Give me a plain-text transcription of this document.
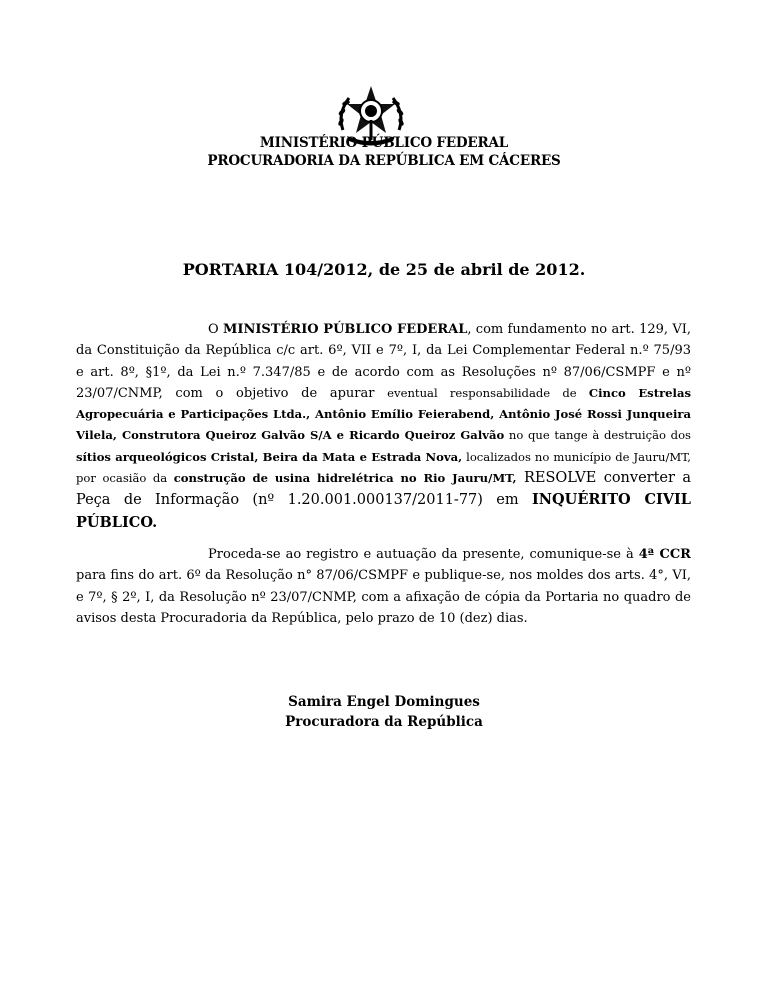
MINISTÉRIO PÚBLICO FEDERAL
PROCURADORIA DA REPÚBLICA EM CÁCERES
PORTARIA 104/2012, de 25 de abril de 2012.
O MINISTÉRIO PÚBLICO FEDERAL, com fundamento no art. 129, VI, da Constituição da República c/c art. 6º, VII e 7º, I, da Lei Complementar Federal n.º 75/93 e art. 8º, §1º, da Lei n.º 7.347/85 e de acordo com as Resoluções nº 87/06/CSMPF e nº 23/07/CNMP, com o objetivo de apurar eventual responsabilidade de Cinco Estrelas Agropecuária e Participações Ltda., Antônio Emílio Feierabend, Antônio José Rossi Junqueira Vilela, Construtora Queiroz Galvão S/A e Ricardo Queiroz Galvão no que tange à destruição dos sítios arqueológicos Cristal, Beira da Mata e Estrada Nova, localizados no município de Jauru/MT, por ocasião da construção de usina hidrelétrica no Rio Jauru/MT, RESOLVE converter a Peça de Informação (nº 1.20.001.000137/2011-77) em INQUÉRITO CIVIL PÚBLICO.
Proceda-se ao registro e autuação da presente, comunique-se à 4ª CCR para fins do art. 6º da Resolução n° 87/06/CSMPF e publique-se, nos moldes dos arts. 4°, VI, e 7º, § 2º, I, da Resolução nº 23/07/CNMP, com a afixação de cópia da Portaria no quadro de avisos desta Procuradoria da República, pelo prazo de 10 (dez) dias.
Samira Engel Domingues
Procuradora da República
